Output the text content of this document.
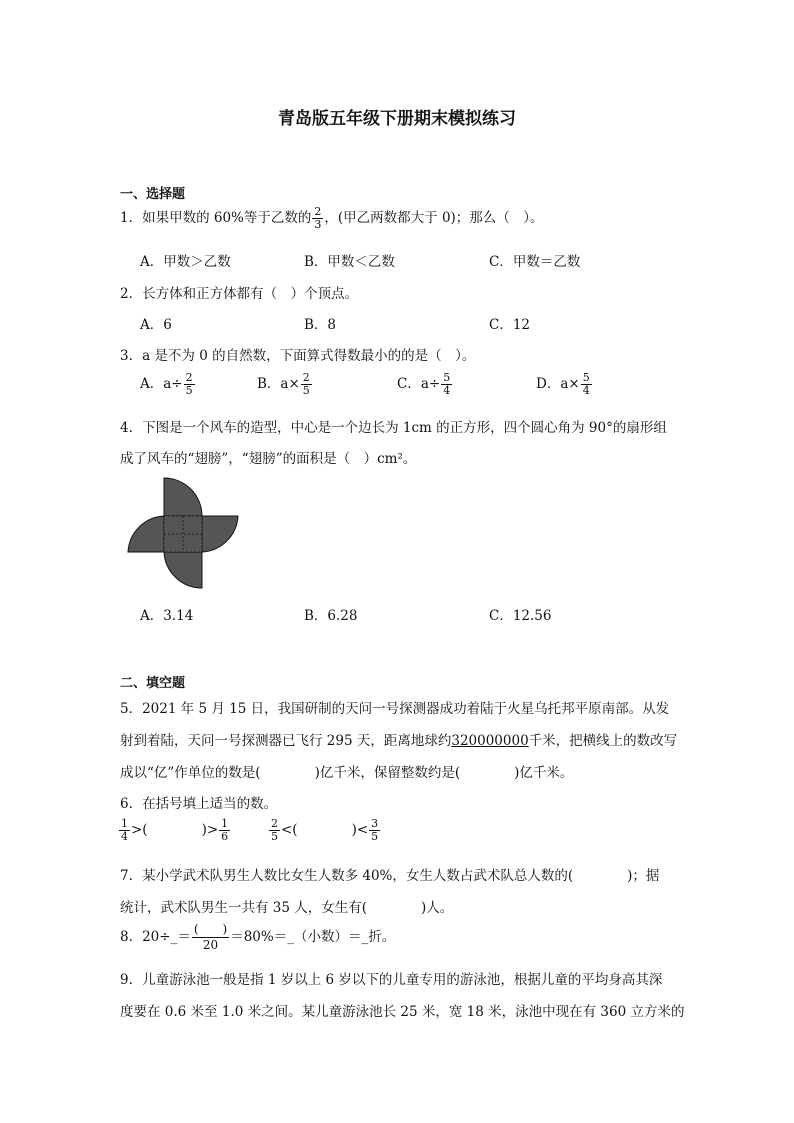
青岛版五年级下册期末模拟练习
一、选择题
1．如果甲数的 60%等于乙数的 $\frac{2}{3}$ ，(甲乙两数都大于 0)；那么（　）。
A．甲数＞乙数	B．甲数＜乙数	C．甲数＝乙数
2．长方体和正方体都有（　）个顶点。
A．6	B．8	C．12
3．a 是不为 0 的自然数，下面算式得数最小的的是（　）。
A．$a\div \frac{2}{5}$	B．$a\times \frac{2}{5}$	C．$a\div \frac{5}{4}$	D．$a\times \frac{5}{4}$
4．下图是一个风车的造型，中心是一个边长为 1cm 的正方形，四个圆心角为 90°的扇形组
成了风车的“翅膀”，“翅膀”的面积是（　）cm²。
A．3.14	B．6.28	C．12.56
二、填空题
5．2021 年 5 月 15 日，我国研制的天问一号探测器成功着陆于火星乌托邦平原南部。从发
射到着陆，天问一号探测器已飞行 295 天，距离地球约320000000千米，把横线上的数改写
成以“亿”作单位的数是(　　　　)亿千米，保留整数约是(　　　　)亿千米。
6．在括号填上适当的数。
$\frac{1}{4}$ >(　　　　)> $\frac{1}{6}$	$\frac{2}{5}$ <(　　　　)< $\frac{3}{5}$
7．某小学武术队男生人数比女生人数多 40%，女生人数占武术队总人数的(　　　　)；据
统计，武术队男生一共有 35 人，女生有(　　　　)人。
8．20÷_＝ $\frac{( )}{20}$ ＝80%＝_（小数）＝_折。
9．儿童游泳池一般是指 1 岁以上 6 岁以下的儿童专用的游泳池，根据儿童的平均身高其深
度要在 0.6 米至 1.0 米之间。某儿童游泳池长 25 米，宽 18 米，泳池中现在有 360 立方米的
